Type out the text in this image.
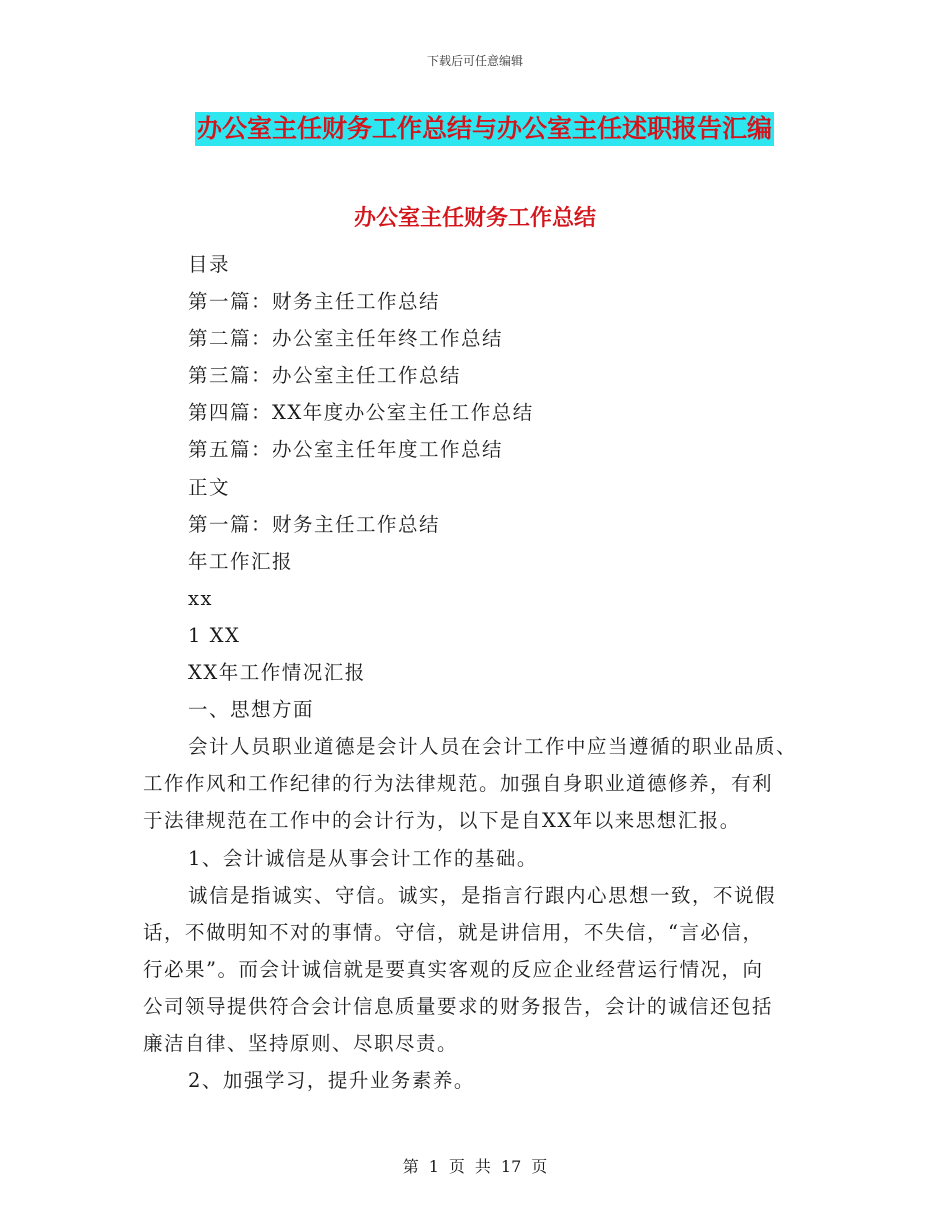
下载后可任意编辑
办公室主任财务工作总结与办公室主任述职报告汇编
办公室主任财务工作总结
目录
第一篇：财务主任工作总结
第二篇：办公室主任年终工作总结
第三篇：办公室主任工作总结
第四篇：XX年度办公室主任工作总结
第五篇：办公室主任年度工作总结
正文
第一篇：财务主任工作总结
年工作汇报
xx
1 XX
XX年工作情况汇报
一、思想方面
会计人员职业道德是会计人员在会计工作中应当遵循的职业品质、
工作作风和工作纪律的行为法律规范。加强自身职业道德修养，有利
于法律规范在工作中的会计行为，以下是自XX年以来思想汇报。
1、会计诚信是从事会计工作的基础。
诚信是指诚实、守信。诚实，是指言行跟内心思想一致，不说假
话，不做明知不对的事情。守信，就是讲信用，不失信，“言必信，
行必果”。而会计诚信就是要真实客观的反应企业经营运行情况，向
公司领导提供符合会计信息质量要求的财务报告，会计的诚信还包括
廉洁自律、坚持原则、尽职尽责。
2、加强学习，提升业务素养。
第 1 页 共 17 页
